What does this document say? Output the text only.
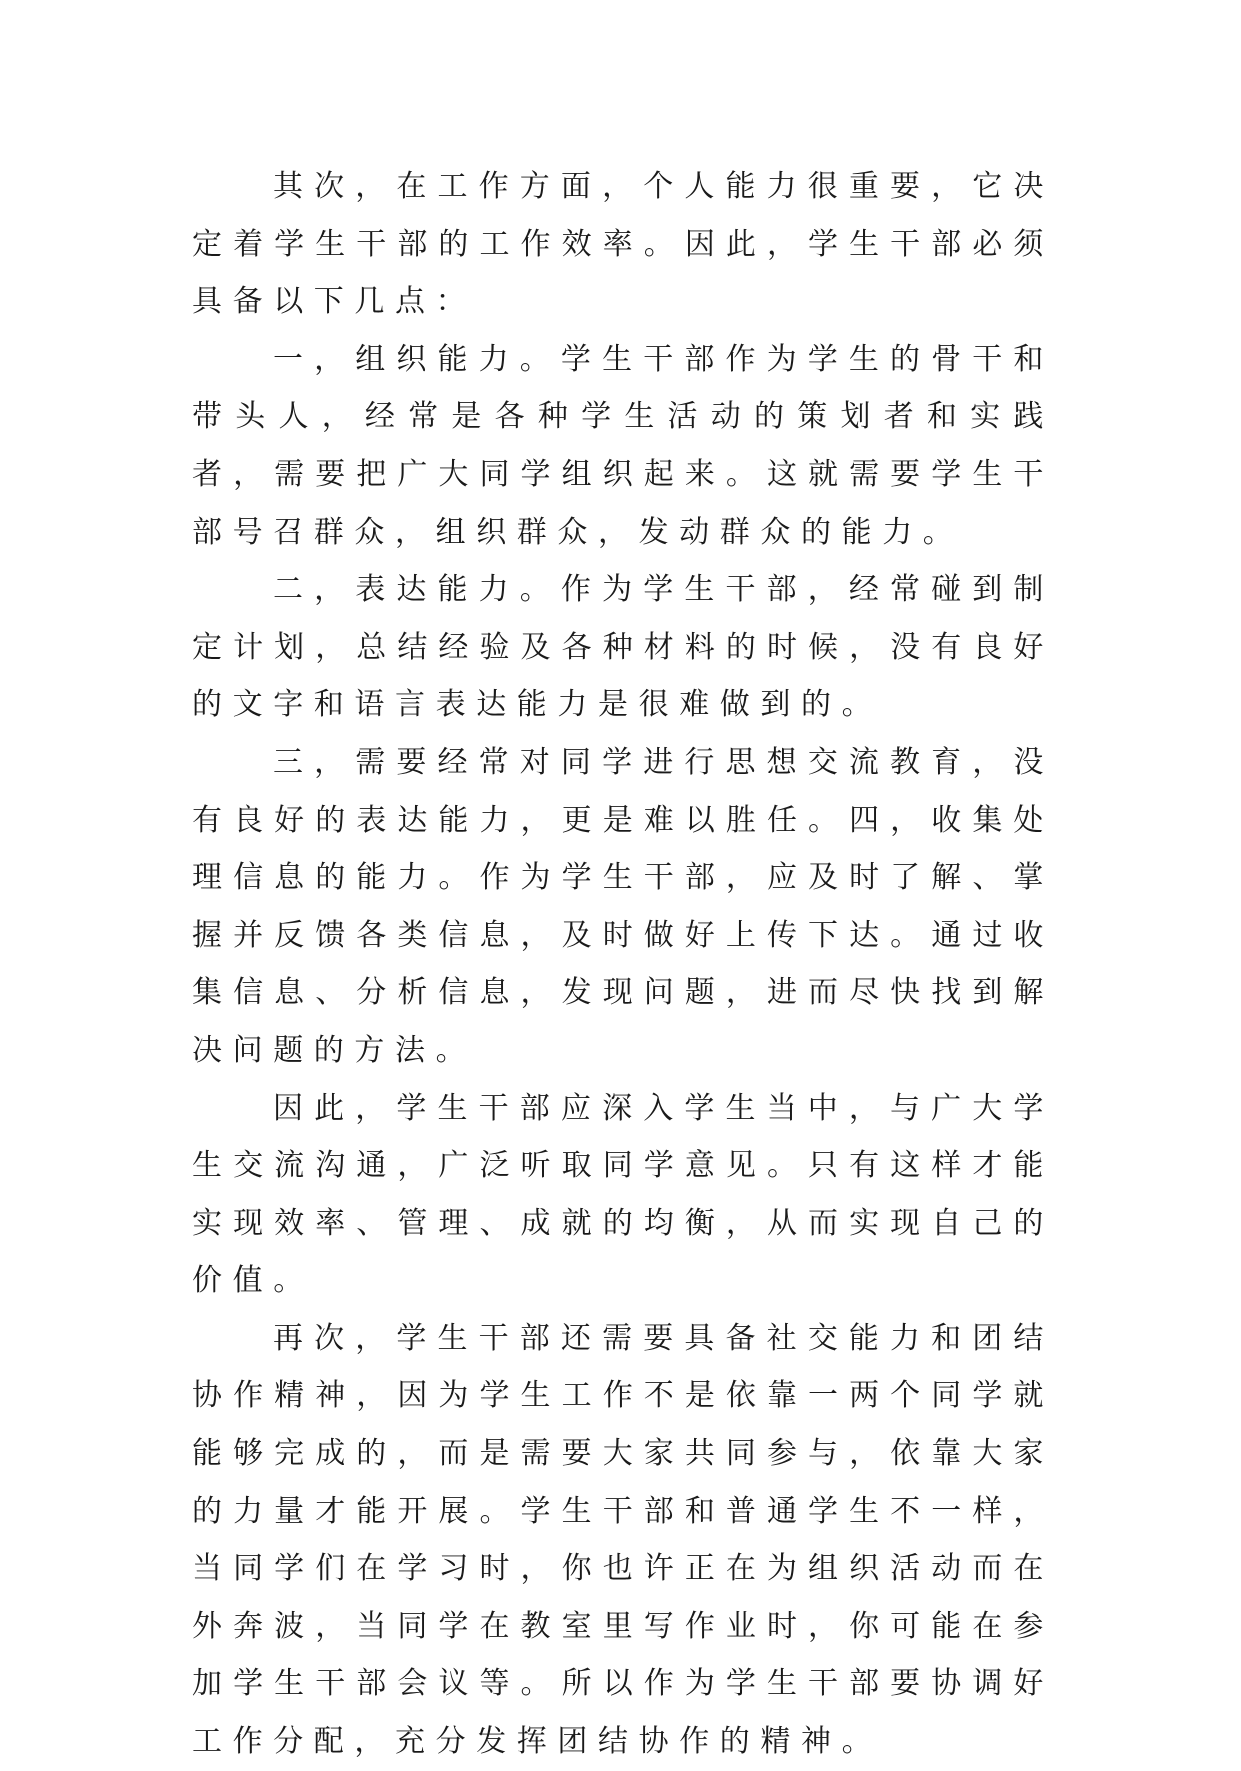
其次，在工作方面，个人能力很重要，它决定着学生干部的工作效率。因此，学生干部必须具备以下几点：

一，组织能力。学生干部作为学生的骨干和带头人，经常是各种学生活动的策划者和实践者，需要把广大同学组织起来。这就需要学生干部号召群众，组织群众，发动群众的能力。

二，表达能力。作为学生干部，经常碰到制定计划，总结经验及各种材料的时候，没有良好的文字和语言表达能力是很难做到的。

三，需要经常对同学进行思想交流教育，没有良好的表达能力，更是难以胜任。四，收集处理信息的能力。作为学生干部，应及时了解、掌握并反馈各类信息，及时做好上传下达。通过收集信息、分析信息，发现问题，进而尽快找到解决问题的方法。

因此，学生干部应深入学生当中，与广大学生交流沟通，广泛听取同学意见。只有这样才能实现效率、管理、成就的均衡，从而实现自己的价值。

再次，学生干部还需要具备社交能力和团结协作精神，因为学生工作不是依靠一两个同学就能够完成的，而是需要大家共同参与，依靠大家的力量才能开展。学生干部和普通学生不一样，当同学们在学习时，你也许正在为组织活动而在外奔波，当同学在教室里写作业时，你可能在参加学生干部会议等。所以作为学生干部要协调好工作分配，充分发挥团结协作的精神。
